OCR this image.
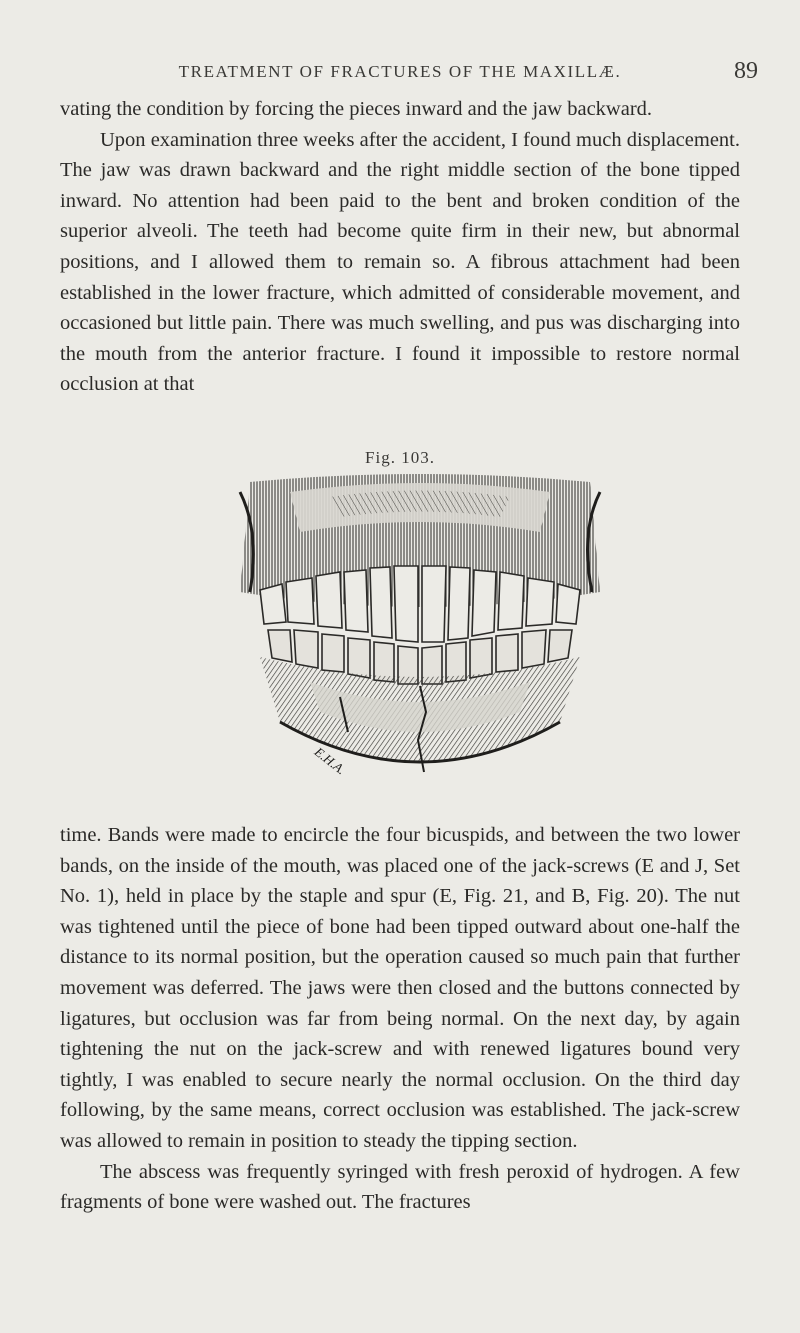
TREATMENT OF FRACTURES OF THE MAXILLÆ.	89

vating the condition by forcing the pieces inward and the jaw backward.

Upon examination three weeks after the accident, I found much displacement. The jaw was drawn backward and the right middle section of the bone tipped inward. No attention had been paid to the bent and broken condition of the superior alveoli. The teeth had become quite firm in their new, but abnormal positions, and I allowed them to remain so. A fibrous attachment had been established in the lower fracture, which admitted of considerable movement, and occasioned but little pain. There was much swelling, and pus was discharging into the mouth from the anterior fracture. I found it impossible to restore normal occlusion at that

Fig. 103.
E.H.A.

time. Bands were made to encircle the four bicuspids, and between the two lower bands, on the inside of the mouth, was placed one of the jack-screws (E and J, Set No. 1), held in place by the staple and spur (E, Fig. 21, and B, Fig. 20). The nut was tightened until the piece of bone had been tipped outward about one-half the distance to its normal position, but the operation caused so much pain that further movement was deferred. The jaws were then closed and the buttons connected by ligatures, but occlusion was far from being normal. On the next day, by again tightening the nut on the jack-screw and with renewed ligatures bound very tightly, I was enabled to secure nearly the normal occlusion. On the third day following, by the same means, correct occlusion was established. The jack-screw was allowed to remain in position to steady the tipping section.

The abscess was frequently syringed with fresh peroxid of hydrogen. A few fragments of bone were washed out. The fractures
